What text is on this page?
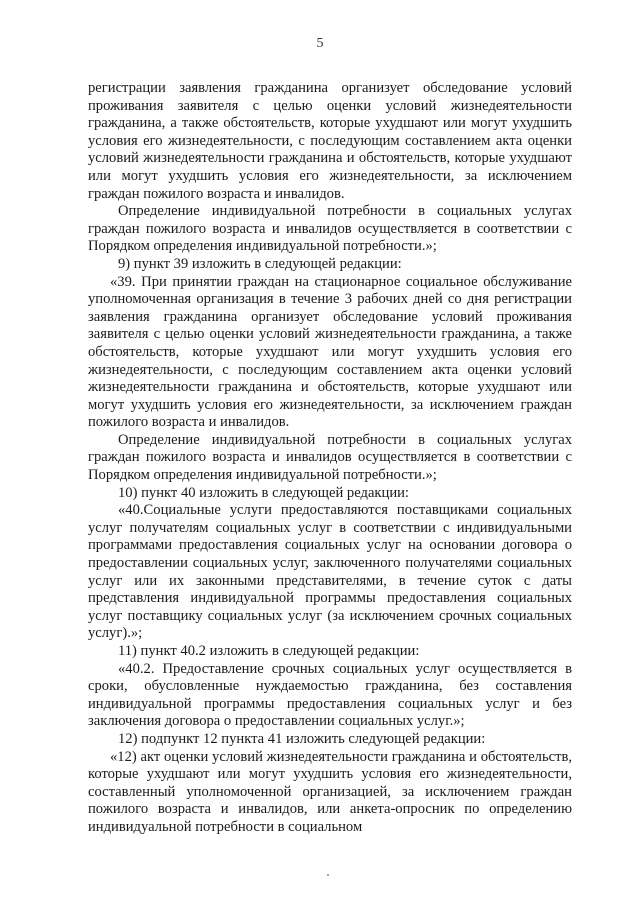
5

регистрации заявления гражданина организует обследование условий проживания заявителя с целью оценки условий жизнедеятельности гражданина, а также обстоятельств, которые ухудшают или могут ухудшить условия его жизнедеятельности, с последующим составлением акта оценки условий жизнедеятельности гражданина и обстоятельств, которые ухудшают или могут ухудшить условия его жизнедеятельности, за исключением граждан пожилого возраста и инвалидов.

Определение индивидуальной потребности в социальных услугах граждан пожилого возраста и инвалидов осуществляется в соответствии с Порядком определения индивидуальной потребности.»;

9) пункт 39 изложить в следующей редакции:

«39. При принятии граждан на стационарное социальное обслуживание уполномоченная организация в течение 3 рабочих дней со дня регистрации заявления гражданина организует обследование условий проживания заявителя с целью оценки условий жизнедеятельности гражданина, а также обстоятельств, которые ухудшают или могут ухудшить условия его жизнедеятельности, с последующим составлением акта оценки условий жизнедеятельности гражданина и обстоятельств, которые ухудшают или могут ухудшить условия его жизнедеятельности, за исключением граждан пожилого возраста и инвалидов.

Определение индивидуальной потребности в социальных услугах граждан пожилого возраста и инвалидов осуществляется в соответствии с Порядком определения индивидуальной потребности.»;

10) пункт 40 изложить в следующей редакции:

«40.Социальные услуги предоставляются поставщиками социальных услуг получателям социальных услуг в соответствии с индивидуальными программами предоставления социальных услуг на основании договора о предоставлении социальных услуг, заключенного получателями социальных услуг или их законными представителями, в течение суток с даты представления индивидуальной программы предоставления социальных услуг поставщику социальных услуг (за исключением срочных социальных услуг).»;

11) пункт 40.2 изложить в следующей редакции:

«40.2. Предоставление срочных социальных услуг осуществляется в сроки, обусловленные нуждаемостью гражданина, без составления индивидуальной программы предоставления социальных услуг и без заключения договора о предоставлении социальных услуг.»;

12) подпункт 12 пункта 41 изложить следующей редакции:

«12) акт оценки условий жизнедеятельности гражданина и обстоятельств, которые ухудшают или могут ухудшить условия его жизнедеятельности, составленный уполномоченной организацией, за исключением граждан пожилого возраста и инвалидов, или анкета-опросник по определению индивидуальной потребности в социальном
